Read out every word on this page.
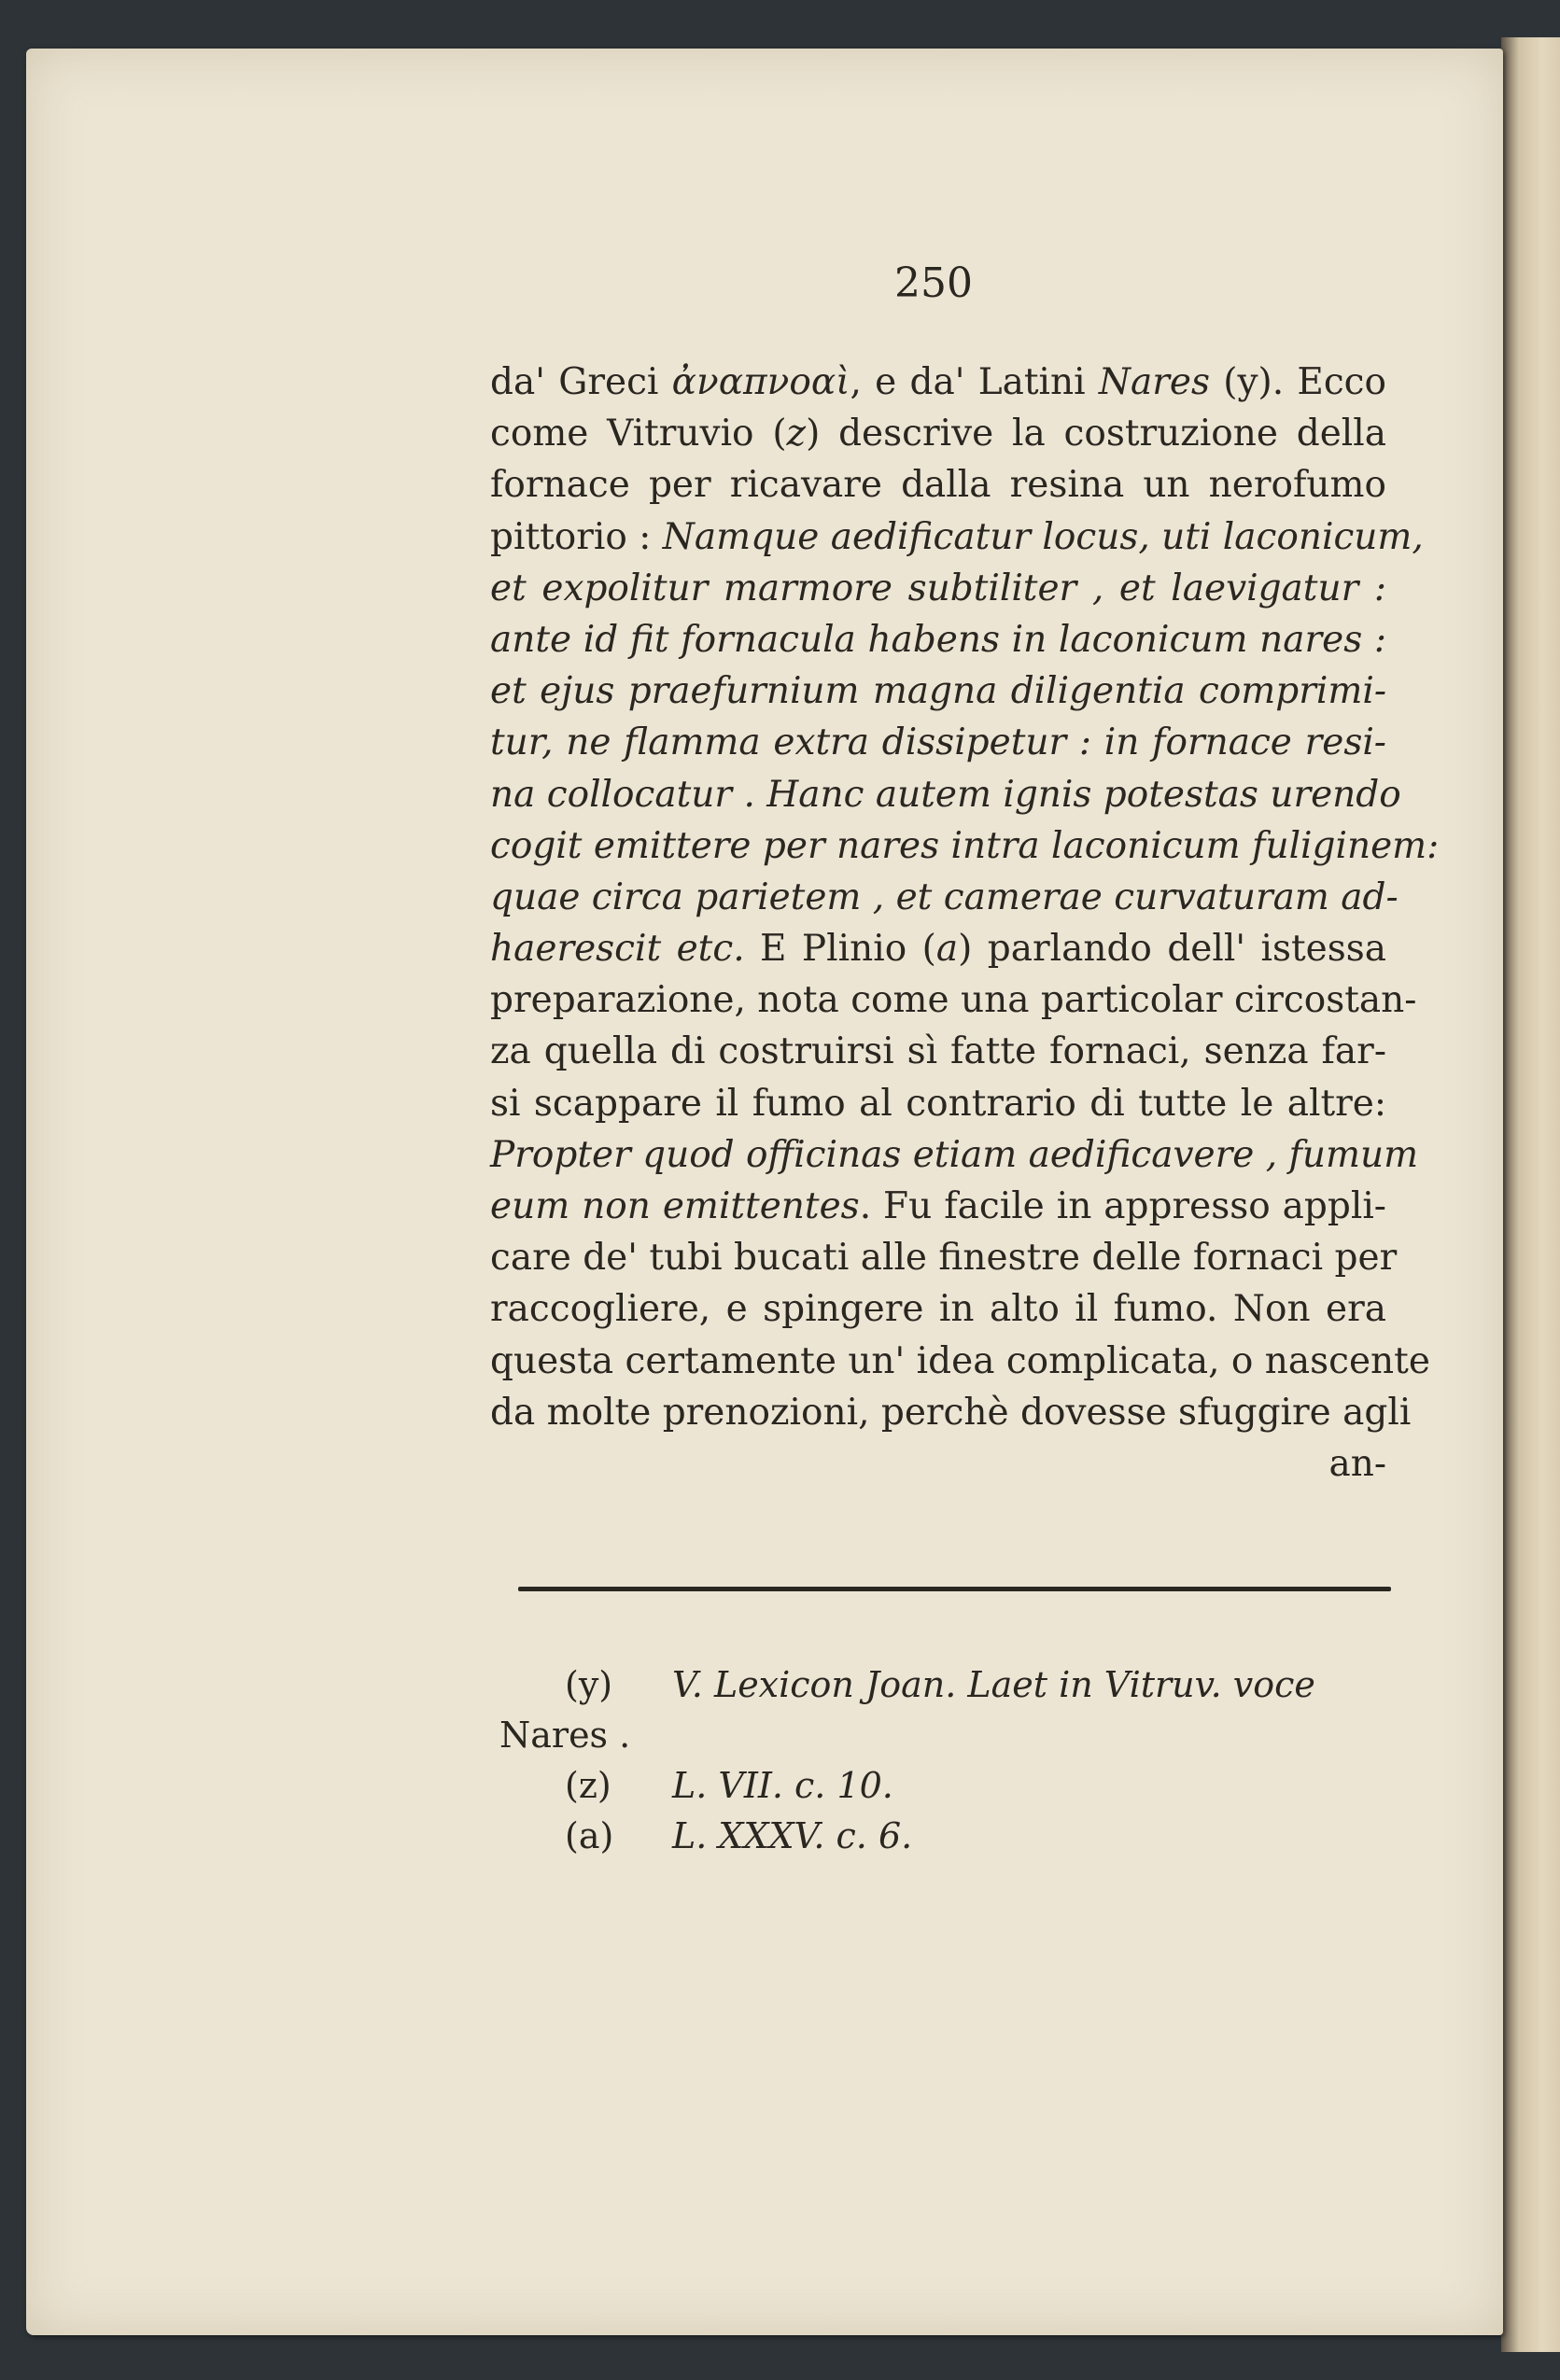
250
da' Greci ἀναπνοαὶ, e da' Latini Nares (y). Ecco
come Vitruvio (z) descrive la costruzione della
fornace per ricavare dalla resina un nerofumo
pittorio : Namque aedificatur locus, uti laconicum,
et expolitur marmore subtiliter , et laevigatur :
ante id fit fornacula habens in laconicum nares :
et ejus praefurnium magna diligentia comprimi-
tur, ne flamma extra dissipetur : in fornace resi-
na collocatur . Hanc autem ignis potestas urendo
cogit emittere per nares intra laconicum fuliginem:
quae circa parietem , et camerae curvaturam ad-
haerescit etc. E Plinio (a) parlando dell' istessa
preparazione, nota come una particolar circostan-
za quella di costruirsi sì fatte fornaci, senza far-
si scappare il fumo al contrario di tutte le altre:
Propter quod officinas etiam aedificavere , fumum
eum non emittentes. Fu facile in appresso appli-
care de' tubi bucati alle finestre delle fornaci per
raccogliere, e spingere in alto il fumo. Non era
questa certamente un' idea complicata, o nascente
da molte prenozioni, perchè dovesse sfuggire agli
an-
(y)	V. Lexicon Joan. Laet in Vitruv. voce
Nares .
(z)	L. VII. c. 10.
(a)	L. XXXV. c. 6.
